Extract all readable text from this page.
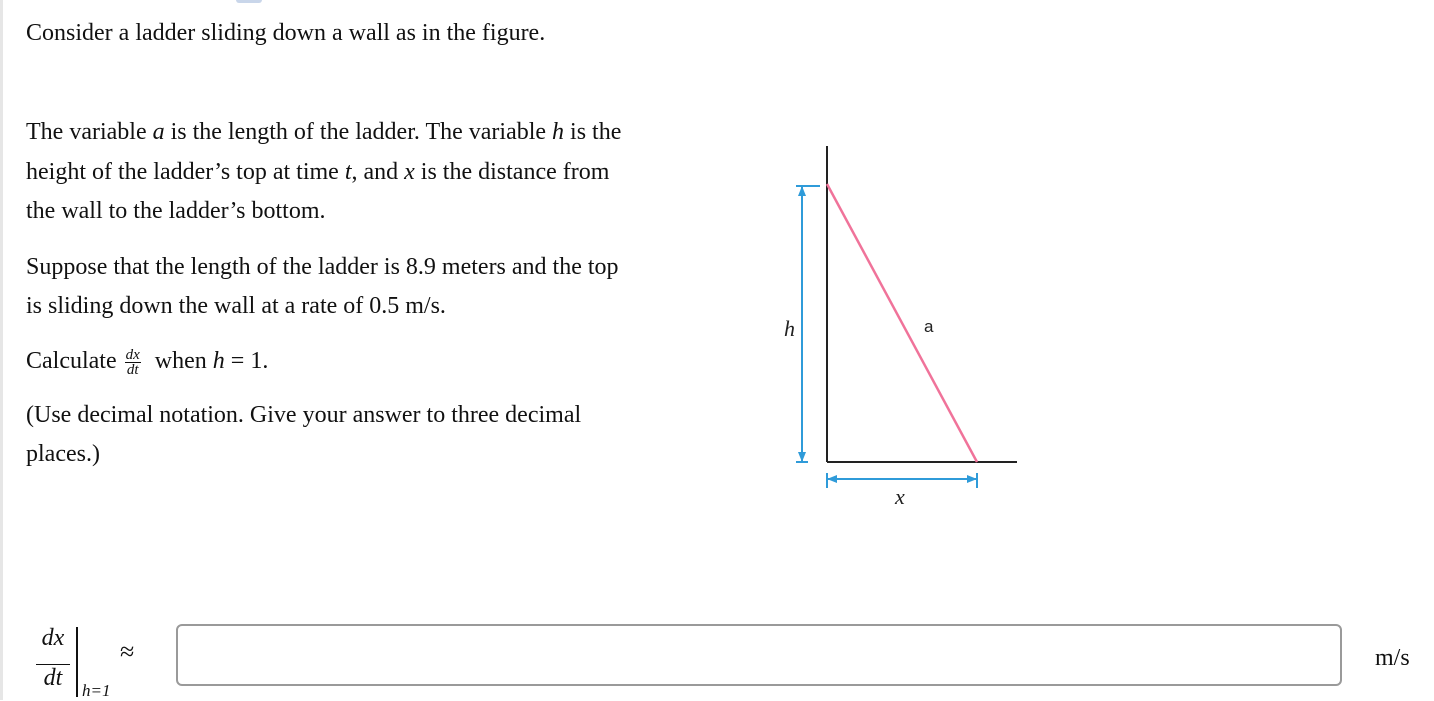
Consider a ladder sliding down a wall as in the figure.

The variable a is the length of the ladder. The variable h is the

height of the ladder’s top at time t, and x is the distance from

the wall to the ladder’s bottom.

Suppose that the length of the ladder is 8.9 meters and the top

is sliding down the wall at a rate of 0.5 m/s.

Calculate $\frac{dx}{dt}$ when h = 1.

(Use decimal notation. Give your answer to three decimal

places.)

h	a
x
dx
dt	h=1
≈	m/s
